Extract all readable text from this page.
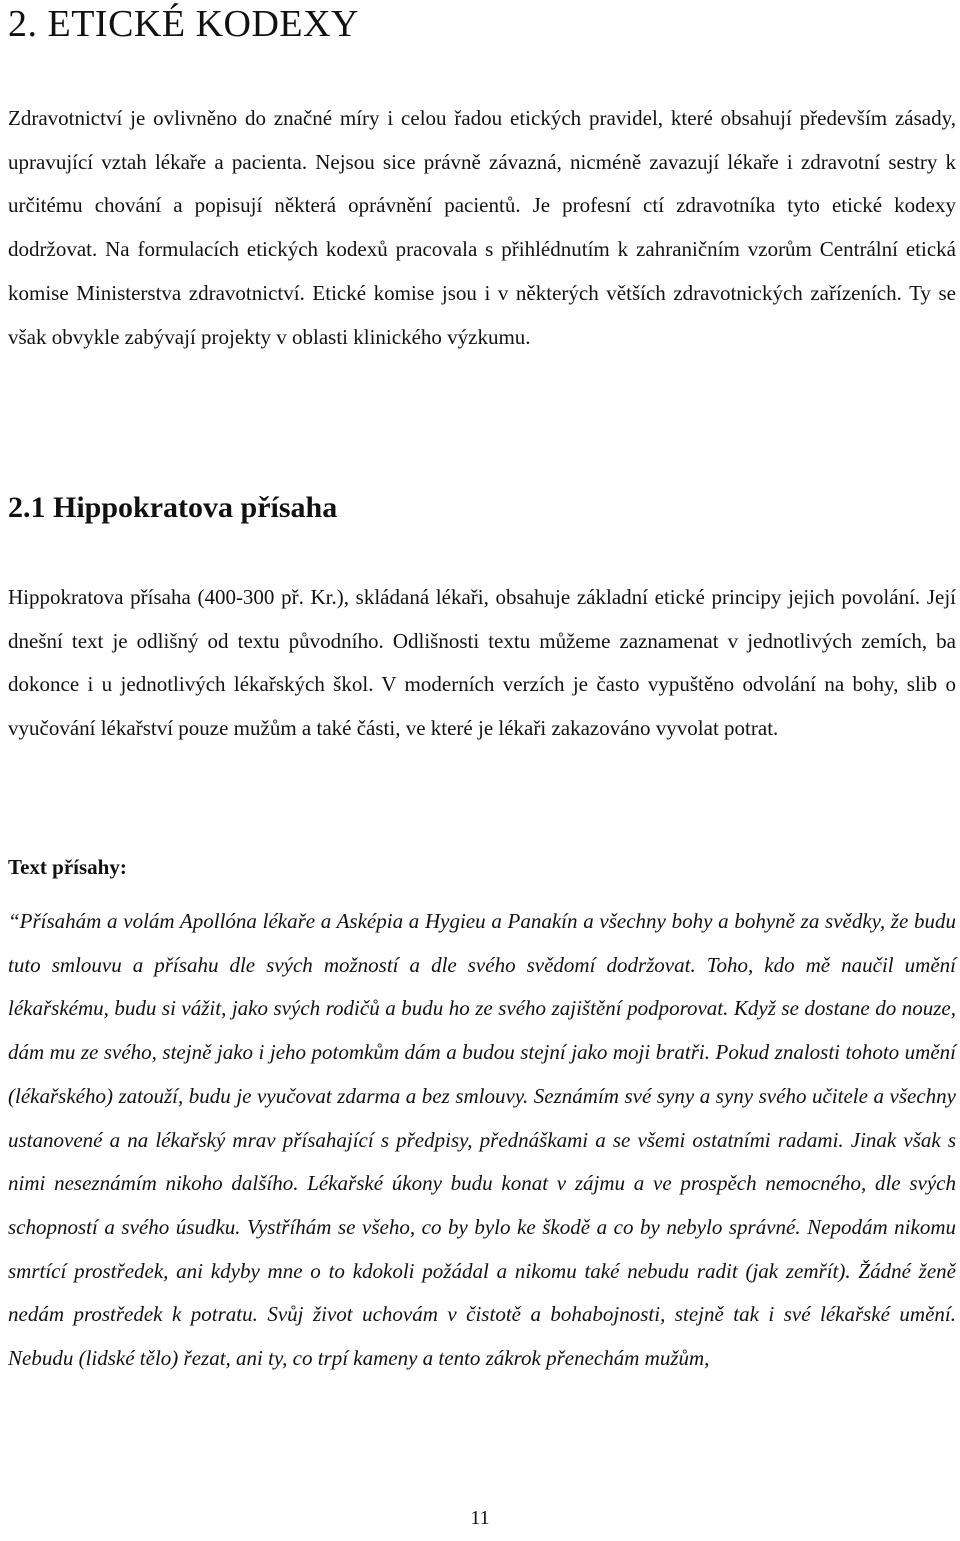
2. ETICKÉ KODEXY

Zdravotnictví je ovlivněno do značné míry i celou řadou etických pravidel, které obsahují především zásady, upravující vztah lékaře a pacienta. Nejsou sice právně závazná, nicméně zavazují lékaře i zdravotní sestry k určitému chování a popisují některá oprávnění pacientů. Je profesní ctí zdravotníka tyto etické kodexy dodržovat. Na formulacích etických kodexů pracovala s přihlédnutím k zahraničním vzorům Centrální etická komise Ministerstva zdravotnictví. Etické komise jsou i v některých větších zdravotnických zařízeních. Ty se však obvykle zabývají projekty v oblasti klinického výzkumu.

2.1 Hippokratova přísaha

Hippokratova přísaha (400-300 př. Kr.), skládaná lékaři, obsahuje základní etické principy jejich povolání. Její dnešní text je odlišný od textu původního. Odlišnosti textu můžeme zaznamenat v jednotlivých zemích, ba dokonce i u jednotlivých lékařských škol. V moderních verzích je často vypuštěno odvolání na bohy, slib o vyučování lékařství pouze mužům a také části, ve které je lékaři zakazováno vyvolat potrat.

Text přísahy:

“Přísahám a volám Apollóna lékaře a Asképia a Hygieu a Panakín a všechny bohy a bohyně za svědky, že budu tuto smlouvu a přísahu dle svých možností a dle svého svědomí dodržovat. Toho, kdo mě naučil umění lékařskému, budu si vážit, jako svých rodičů a budu ho ze svého zajištění podporovat. Když se dostane do nouze, dám mu ze svého, stejně jako i jeho potomkům dám a budou stejní jako moji bratři. Pokud znalosti tohoto umění (lékařského) zatouží, budu je vyučovat zdarma a bez smlouvy. Seznámím své syny a syny svého učitele a všechny ustanovené a na lékařský mrav přísahající s předpisy, přednáškami a se všemi ostatními radami. Jinak však s nimi neseznámím nikoho dalšího. Lékařské úkony budu konat v zájmu a ve prospěch nemocného, dle svých schopností a svého úsudku. Vystříhám se všeho, co by bylo ke škodě a co by nebylo správné. Nepodám nikomu smrtící prostředek, ani kdyby mne o to kdokoli požádal a nikomu také nebudu radit (jak zemřít). Žádné ženě nedám prostředek k potratu. Svůj život uchovám v čistotě a bohabojnosti, stejně tak i své lékařské umění. Nebudu (lidské tělo) řezat, ani ty, co trpí kameny a tento zákrok přenechám mužům,

11
